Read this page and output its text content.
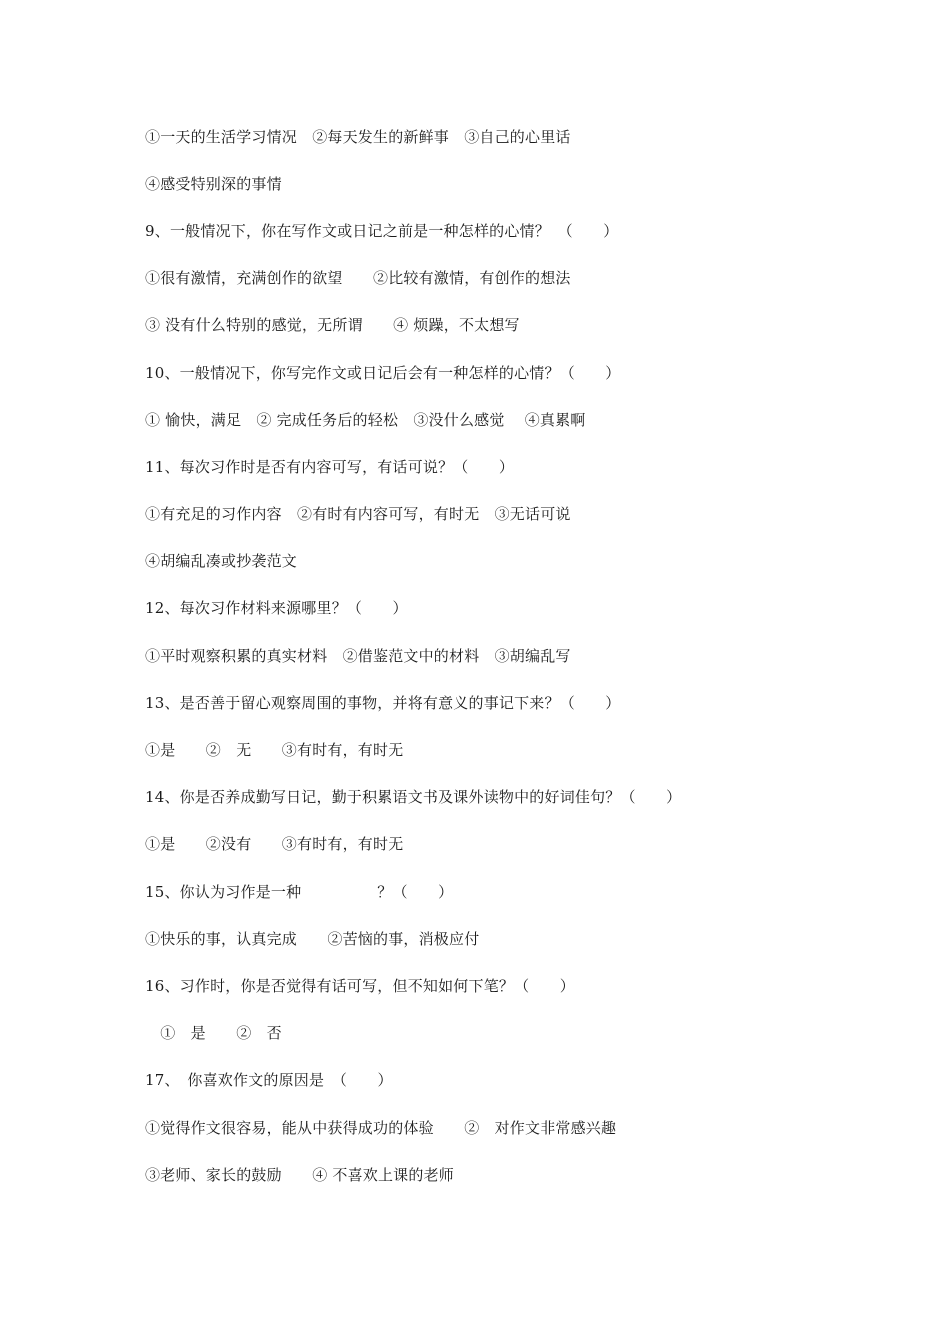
①一天的生活学习情况　②每天发生的新鲜事　③自己的心里话
④感受特别深的事情
9、一般情况下，你在写作文或日记之前是一种怎样的心情？　（　　）
①很有激情，充满创作的欲望　　②比较有激情，有创作的想法
③ 没有什么特别的感觉，无所谓　　④ 烦躁，不太想写
10、一般情况下，你写完作文或日记后会有一种怎样的心情？（　　）
① 愉快，满足　② 完成任务后的轻松　③没什么感觉　 ④真累啊
11、每次习作时是否有内容可写，有话可说？（　　）
①有充足的习作内容　②有时有内容可写，有时无　③无话可说
④胡编乱凑或抄袭范文
12、每次习作材料来源哪里？（　　）
①平时观察积累的真实材料　②借鉴范文中的材料　③胡编乱写
13、是否善于留心观察周围的事物，并将有意义的事记下来？（　　）
①是　　②　无　　③有时有，有时无
14、你是否养成勤写日记，勤于积累语文书及课外读物中的好词佳句？（　　）
①是　　②没有　　③有时有，有时无
15、你认为习作是一种　　　　　？（　　）
①快乐的事，认真完成　　②苦恼的事，消极应付
16、习作时，你是否觉得有话可写，但不知如何下笔？（　　）
　①　是　　②　否
17、　你喜欢作文的原因是　（　　）
①觉得作文很容易，能从中获得成功的体验　　②　对作文非常感兴趣
③老师、家长的鼓励　　④ 不喜欢上课的老师
